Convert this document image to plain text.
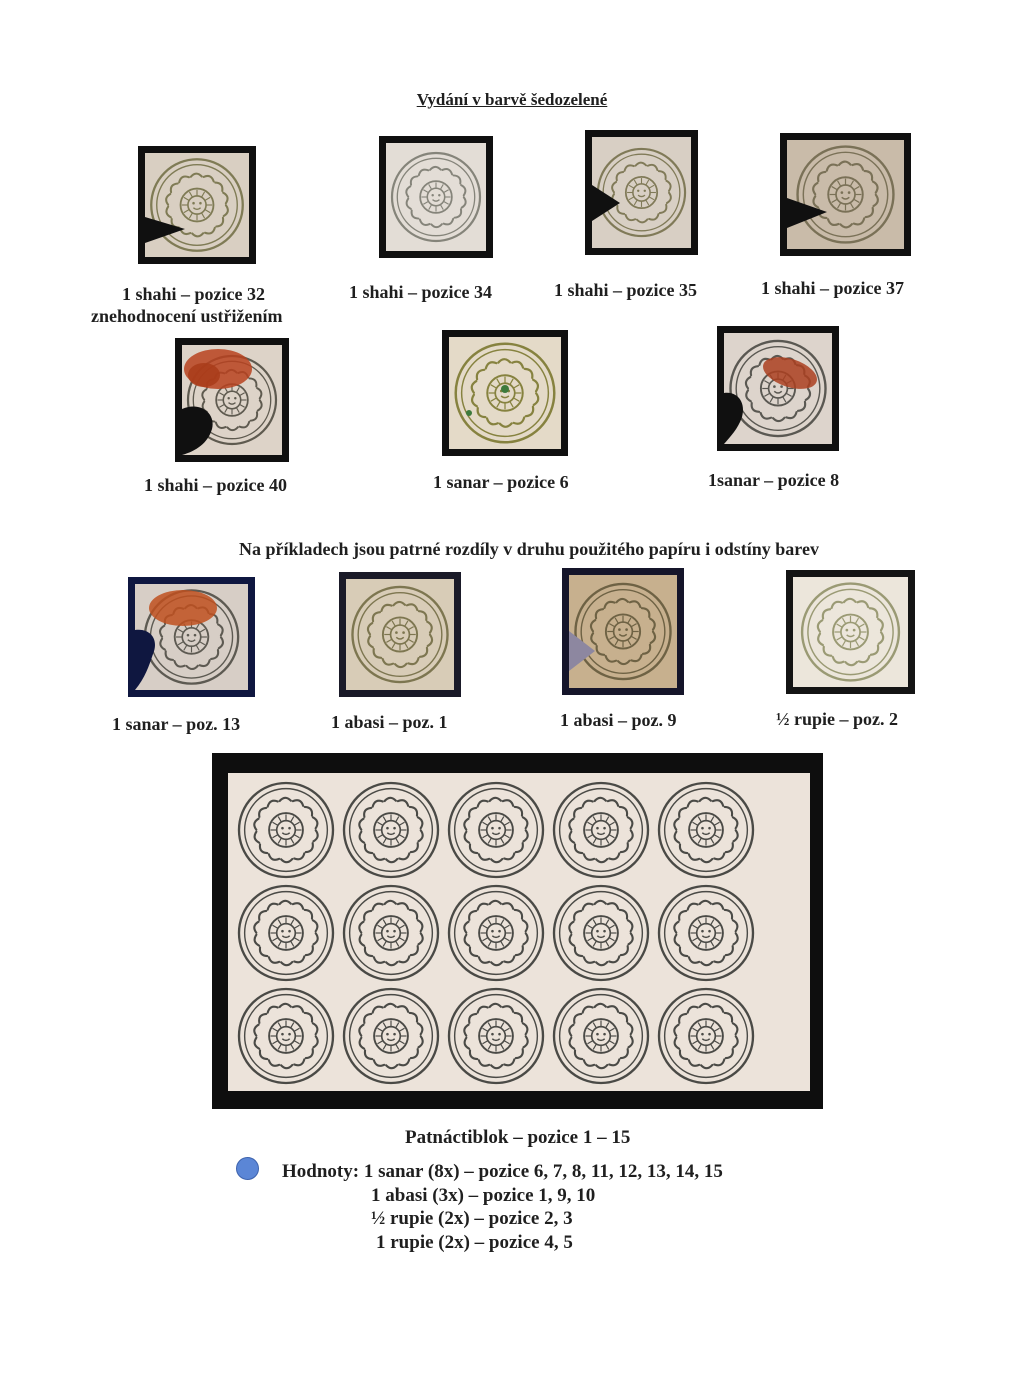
Vydání v barvě šedozelené
1 shahi – pozice 32
znehodnocení ustřižením
1 shahi – pozice 34	1 shahi – pozice 35	1 shahi – pozice 37
1 shahi – pozice 40	1 sanar – pozice 6	1sanar – pozice 8
Na příkladech jsou patrné rozdíly v druhu použitého papíru i odstíny barev
1 sanar – poz. 13	1 abasi – poz. 1	1 abasi – poz. 9	½ rupie – poz. 2
Patnáctiblok – pozice 1 – 15
Hodnoty: 1 sanar (8x) – pozice 6, 7, 8, 11, 12, 13, 14, 15
1 abasi (3x) – pozice 1, 9, 10
½ rupie (2x) – pozice 2, 3
1 rupie (2x) – pozice 4, 5
